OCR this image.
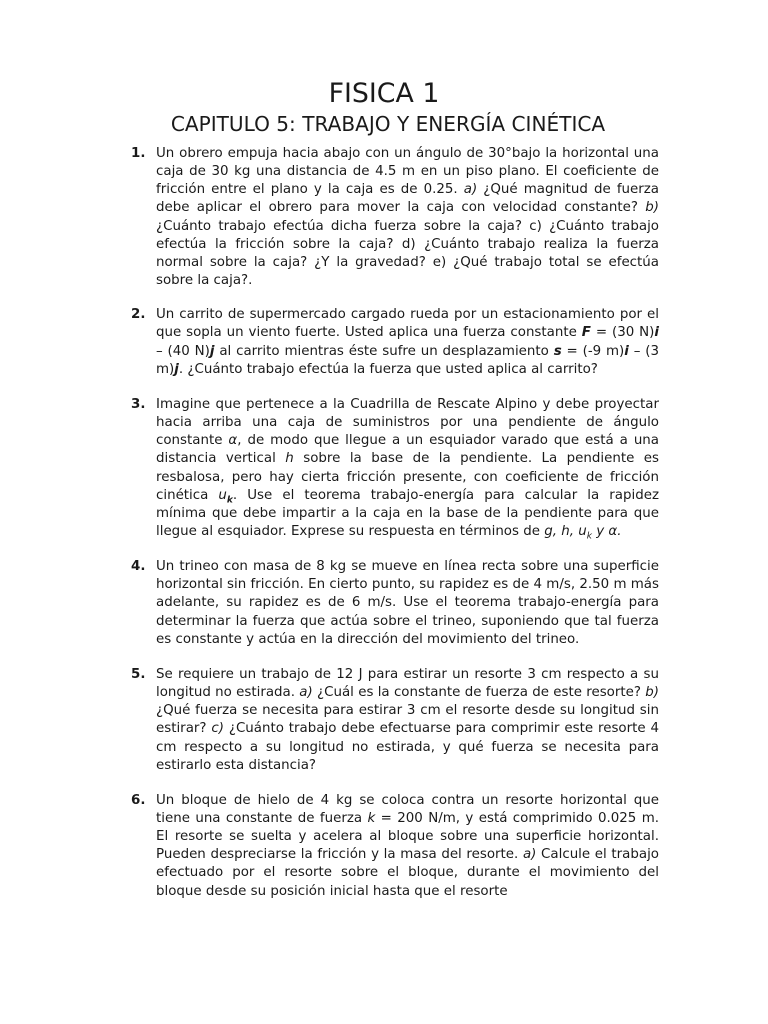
FISICA 1
CAPITULO 5: TRABAJO Y ENERGÍA CINÉTICA
1. Un obrero empuja hacia abajo con un ángulo de 30°bajo la horizontal una caja de 30 kg una distancia de 4.5 m en un piso plano. El coeficiente de fricción entre el plano y la caja es de 0.25. a) ¿Qué magnitud de fuerza debe aplicar el obrero para mover la caja con velocidad constante? b) ¿Cuánto trabajo efectúa dicha fuerza sobre la caja? c) ¿Cuánto trabajo efectúa la fricción sobre la caja? d) ¿Cuánto trabajo realiza la fuerza normal sobre la caja? ¿Y la gravedad? e) ¿Qué trabajo total se efectúa sobre la caja?.
2. Un carrito de supermercado cargado rueda por un estacionamiento por el que sopla un viento fuerte. Usted aplica una fuerza constante F = (30 N)i – (40 N)j al carrito mientras éste sufre un desplazamiento s = (-9 m)i – (3 m)j. ¿Cuánto trabajo efectúa la fuerza que usted aplica al carrito?
3. Imagine que pertenece a la Cuadrilla de Rescate Alpino y debe proyectar hacia arriba una caja de suministros por una pendiente de ángulo constante α, de modo que llegue a un esquiador varado que está a una distancia vertical h sobre la base de la pendiente. La pendiente es resbalosa, pero hay cierta fricción presente, con coeficiente de fricción cinética $u_k$. Use el teorema trabajo-energía para calcular la rapidez mínima que debe impartir a la caja en la base de la pendiente para que llegue al esquiador. Exprese su respuesta en términos de g, h, $u_k$ y α.
4. Un trineo con masa de 8 kg se mueve en línea recta sobre una superficie horizontal sin fricción. En cierto punto, su rapidez es de 4 m/s, 2.50 m más adelante, su rapidez es de 6 m/s. Use el teorema trabajo-energía para determinar la fuerza que actúa sobre el trineo, suponiendo que tal fuerza es constante y actúa en la dirección del movimiento del trineo.
5. Se requiere un trabajo de 12 J para estirar un resorte 3 cm respecto a su longitud no estirada. a) ¿Cuál es la constante de fuerza de este resorte? b) ¿Qué fuerza se necesita para estirar 3 cm el resorte desde su longitud sin estirar? c) ¿Cuánto trabajo debe efectuarse para comprimir este resorte 4 cm respecto a su longitud no estirada, y qué fuerza se necesita para estirarlo esta distancia?
6. Un bloque de hielo de 4 kg se coloca contra un resorte horizontal que tiene una constante de fuerza k = 200 N/m, y está comprimido 0.025 m. El resorte se suelta y acelera al bloque sobre una superficie horizontal. Pueden despreciarse la fricción y la masa del resorte. a) Calcule el trabajo efectuado por el resorte sobre el bloque, durante el movimiento del bloque desde su posición inicial hasta que el resorte
